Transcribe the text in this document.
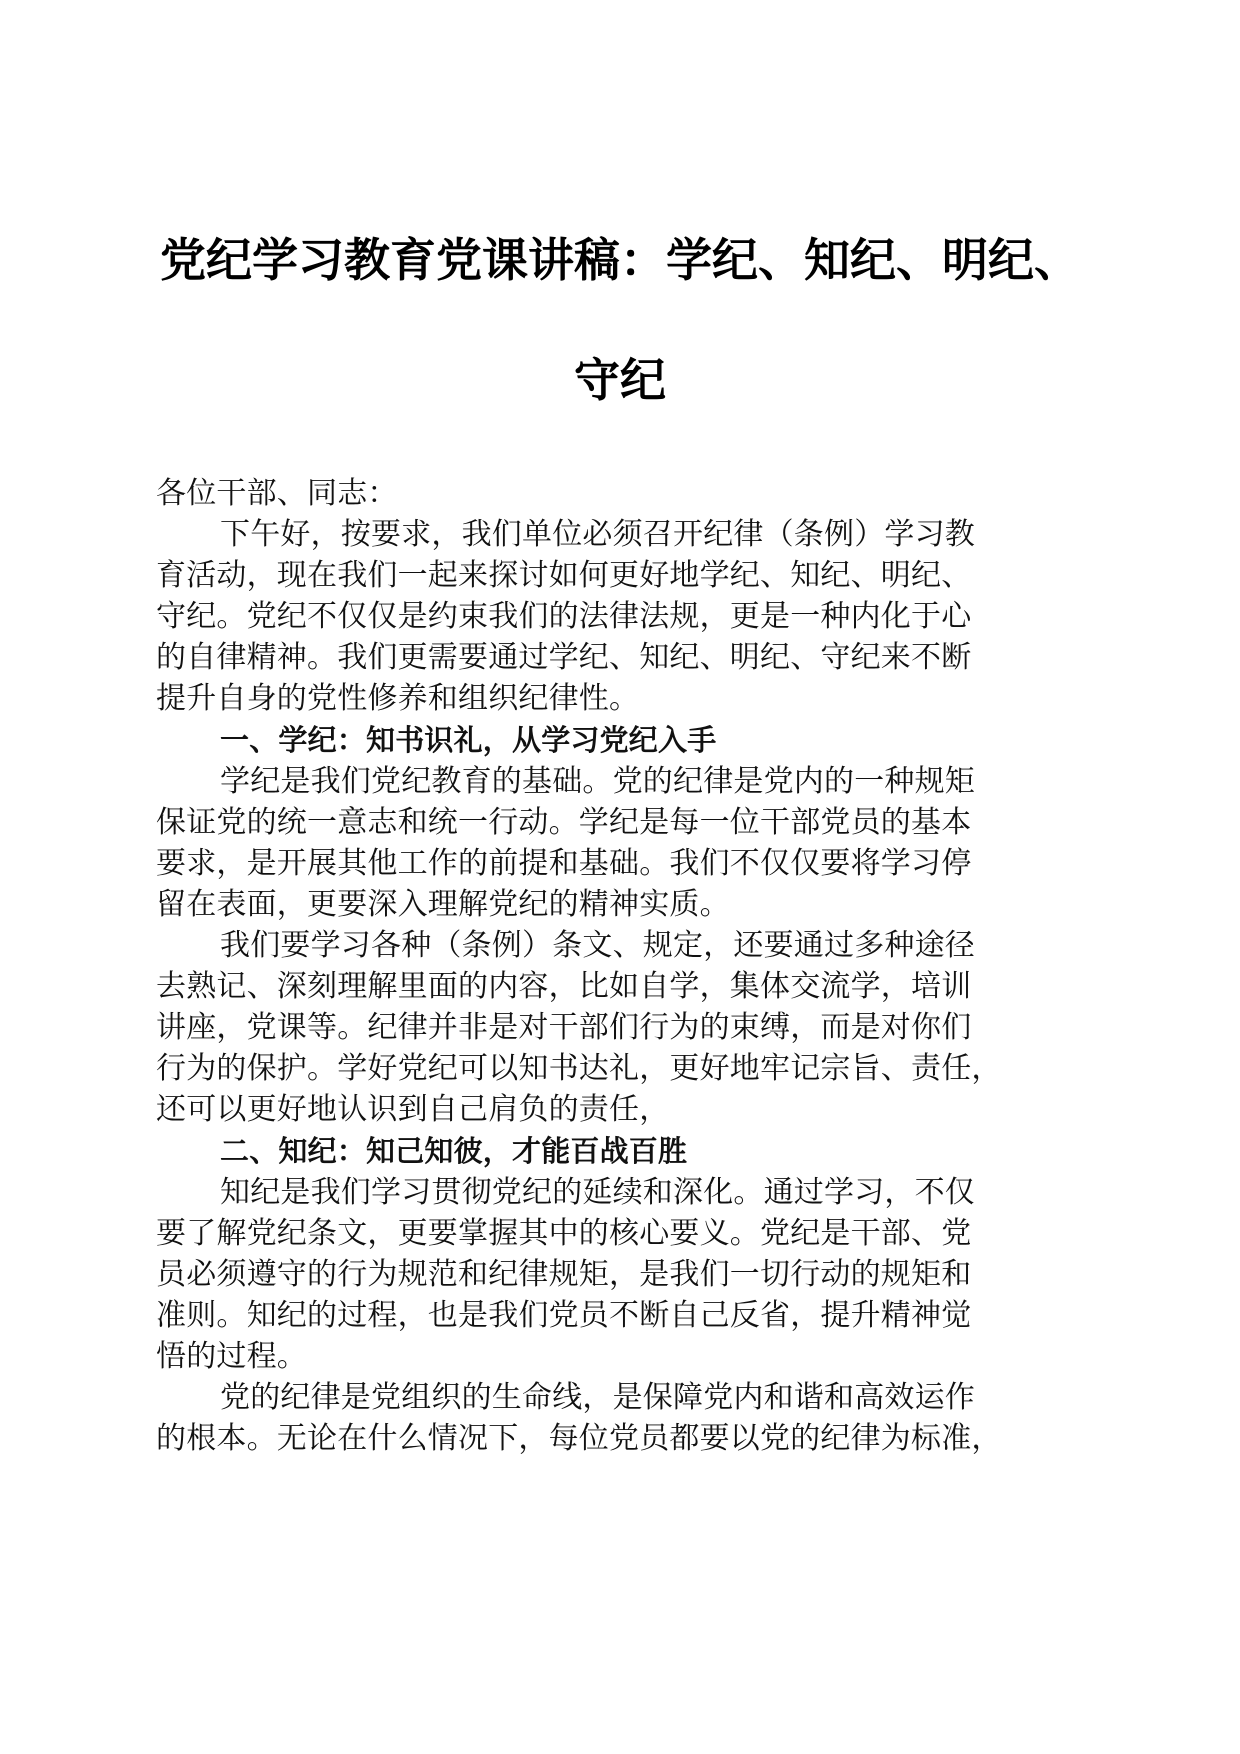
党纪学习教育党课讲稿：学纪、知纪、明纪、
守纪
各位干部、同志：
下午好，按要求，我们单位必须召开纪律（条例）学习教
育活动，现在我们一起来探讨如何更好地学纪、知纪、明纪、
守纪。党纪不仅仅是约束我们的法律法规，更是一种内化于心
的自律精神。我们更需要通过学纪、知纪、明纪、守纪来不断
提升自身的党性修养和组织纪律性。
一、学纪：知书识礼，从学习党纪入手
学纪是我们党纪教育的基础。党的纪律是党内的一种规矩
保证党的统一意志和统一行动。学纪是每一位干部党员的基本
要求，是开展其他工作的前提和基础。我们不仅仅要将学习停
留在表面，更要深入理解党纪的精神实质。
我们要学习各种（条例）条文、规定，还要通过多种途径
去熟记、深刻理解里面的内容，比如自学，集体交流学，培训
讲座，党课等。纪律并非是对干部们行为的束缚，而是对你们
行为的保护。学好党纪可以知书达礼，更好地牢记宗旨、责任，
还可以更好地认识到自己肩负的责任，
二、知纪：知己知彼，才能百战百胜
知纪是我们学习贯彻党纪的延续和深化。通过学习，不仅
要了解党纪条文，更要掌握其中的核心要义。党纪是干部、党
员必须遵守的行为规范和纪律规矩，是我们一切行动的规矩和
准则。知纪的过程，也是我们党员不断自己反省，提升精神觉
悟的过程。
党的纪律是党组织的生命线，是保障党内和谐和高效运作
的根本。无论在什么情况下，每位党员都要以党的纪律为标准，
